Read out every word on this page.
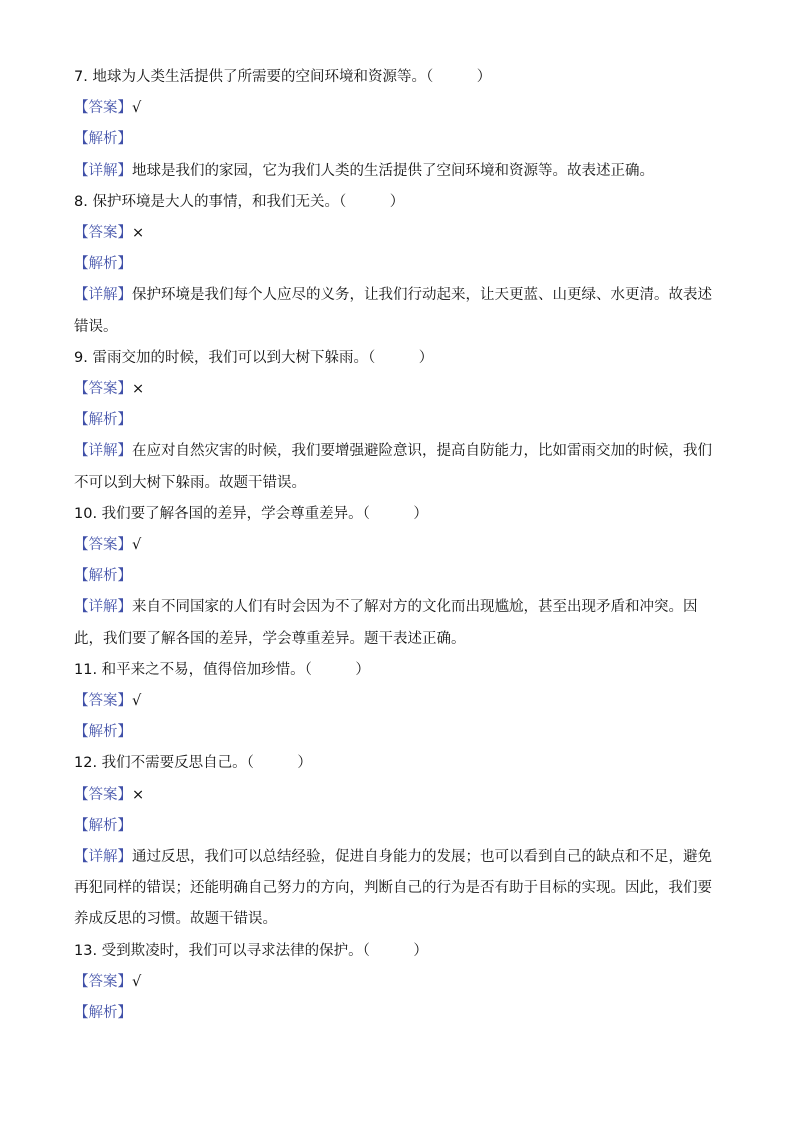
7. 地球为人类生活提供了所需要的空间环境和资源等。（　　　）
【答案】√
【解析】
【详解】地球是我们的家园，它为我们人类的生活提供了空间环境和资源等。故表述正确。
8. 保护环境是大人的事情，和我们无关。（　　　）
【答案】×
【解析】
【详解】保护环境是我们每个人应尽的义务，让我们行动起来，让天更蓝、山更绿、水更清。故表述错误。
9. 雷雨交加的时候，我们可以到大树下躲雨。（　　　）
【答案】×
【解析】
【详解】在应对自然灾害的时候，我们要增强避险意识，提高自防能力，比如雷雨交加的时候，我们不可以到大树下躲雨。故题干错误。
10. 我们要了解各国的差异，学会尊重差异。（　　　）
【答案】√
【解析】
【详解】来自不同国家的人们有时会因为不了解对方的文化而出现尴尬，甚至出现矛盾和冲突。因此，我们要了解各国的差异，学会尊重差异。题干表述正确。
11. 和平来之不易，值得倍加珍惜。（　　　）
【答案】√
【解析】
12. 我们不需要反思自己。（　　　）
【答案】×
【解析】
【详解】通过反思，我们可以总结经验，促进自身能力的发展；也可以看到自己的缺点和不足，避免再犯同样的错误；还能明确自己努力的方向，判断自己的行为是否有助于目标的实现。因此，我们要养成反思的习惯。故题干错误。
13. 受到欺凌时，我们可以寻求法律的保护。（　　　）
【答案】√
【解析】
